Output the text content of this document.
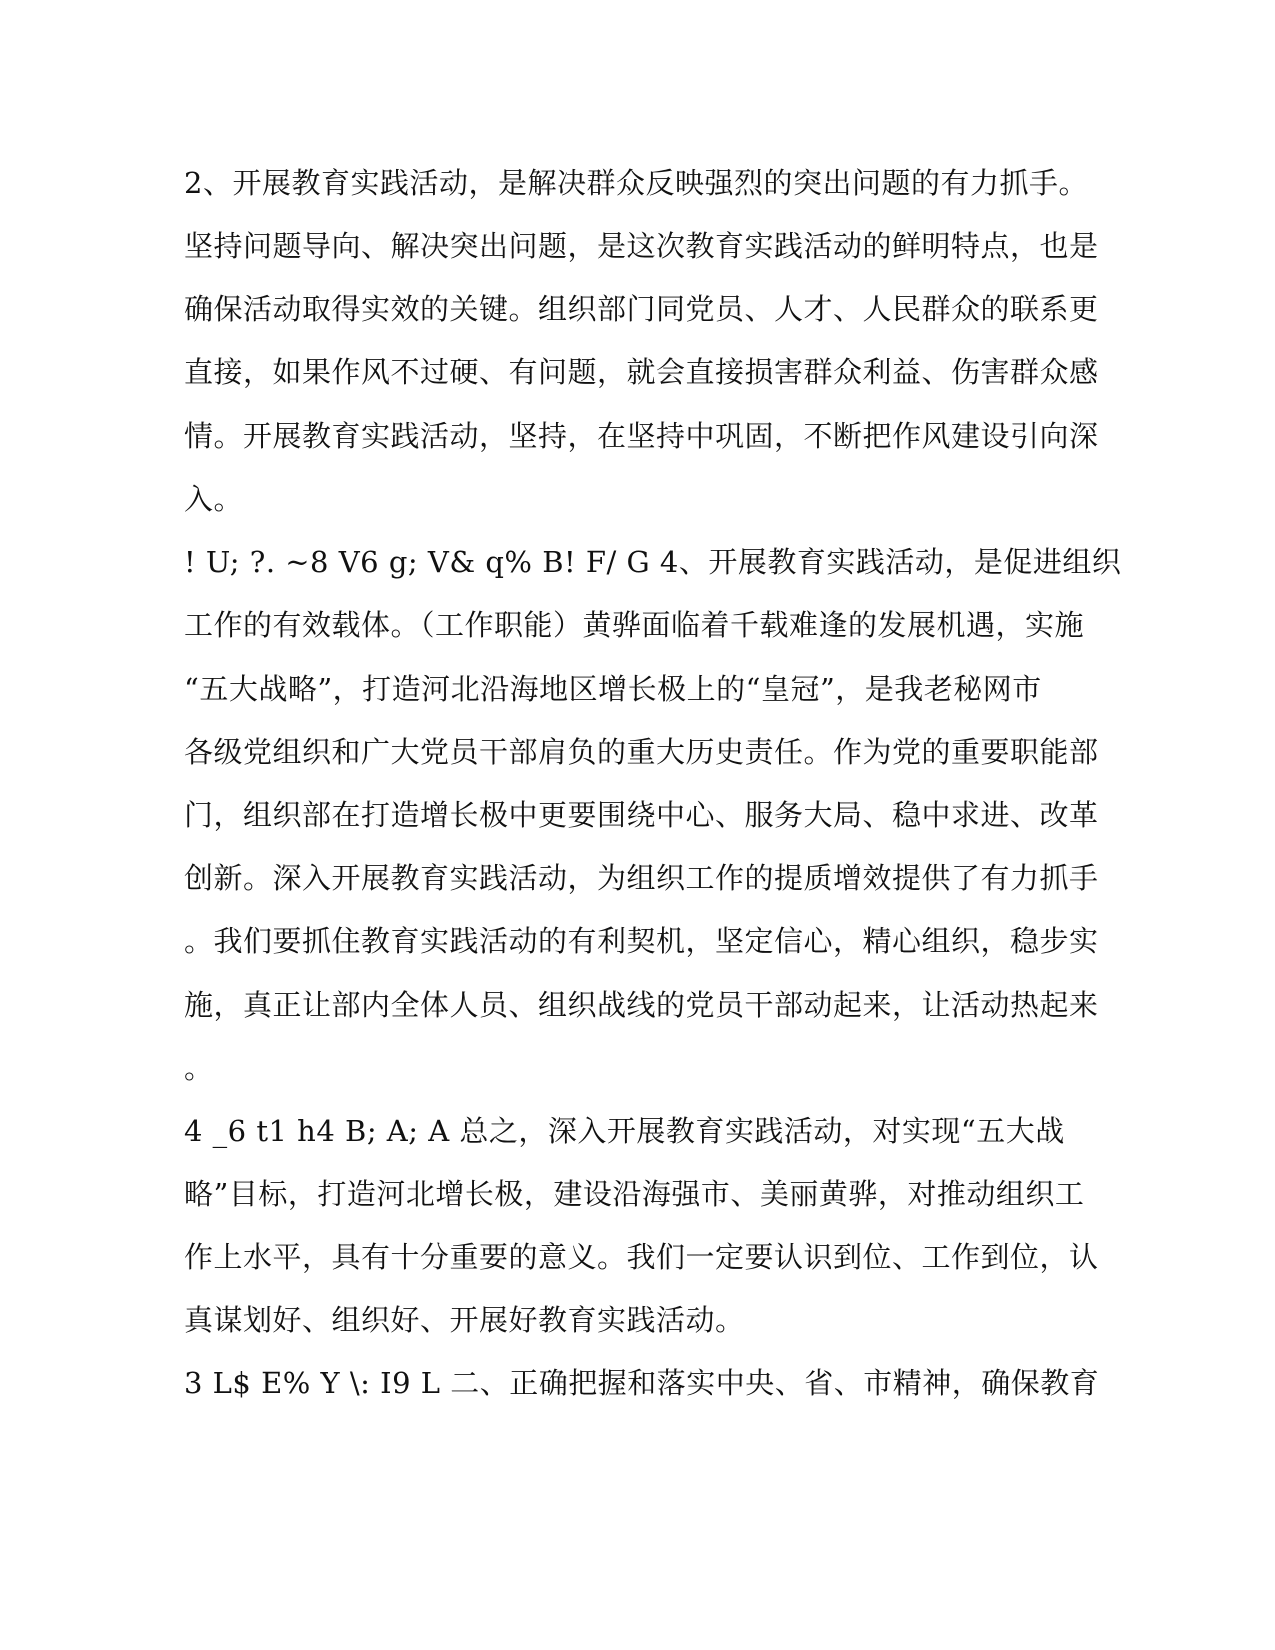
2、开展教育实践活动，是解决群众反映强烈的突出问题的有力抓手。
坚持问题导向、解决突出问题，是这次教育实践活动的鲜明特点，也是
确保活动取得实效的关键。组织部门同党员、人才、人民群众的联系更
直接，如果作风不过硬、有问题，就会直接损害群众利益、伤害群众感
情。开展教育实践活动，坚持，在坚持中巩固，不断把作风建设引向深
入。
! U; ?. ~8 V6 g; V& q% B! F/ G 4、开展教育实践活动，是促进组织
工作的有效载体。（工作职能）黄骅面临着千载难逢的发展机遇，实施
“五大战略”，打造河北沿海地区增长极上的“皇冠”，是我老秘网市
各级党组织和广大党员干部肩负的重大历史责任。作为党的重要职能部
门，组织部在打造增长极中更要围绕中心、服务大局、稳中求进、改革
创新。深入开展教育实践活动，为组织工作的提质增效提供了有力抓手
。我们要抓住教育实践活动的有利契机，坚定信心，精心组织，稳步实
施，真正让部内全体人员、组织战线的党员干部动起来，让活动热起来
。
4 _6 t1 h4 B; A; A 总之，深入开展教育实践活动，对实现“五大战
略”目标，打造河北增长极，建设沿海强市、美丽黄骅，对推动组织工
作上水平，具有十分重要的意义。我们一定要认识到位、工作到位，认
真谋划好、组织好、开展好教育实践活动。
3 L$ E% Y \: I9 L 二、正确把握和落实中央、省、市精神，确保教育
